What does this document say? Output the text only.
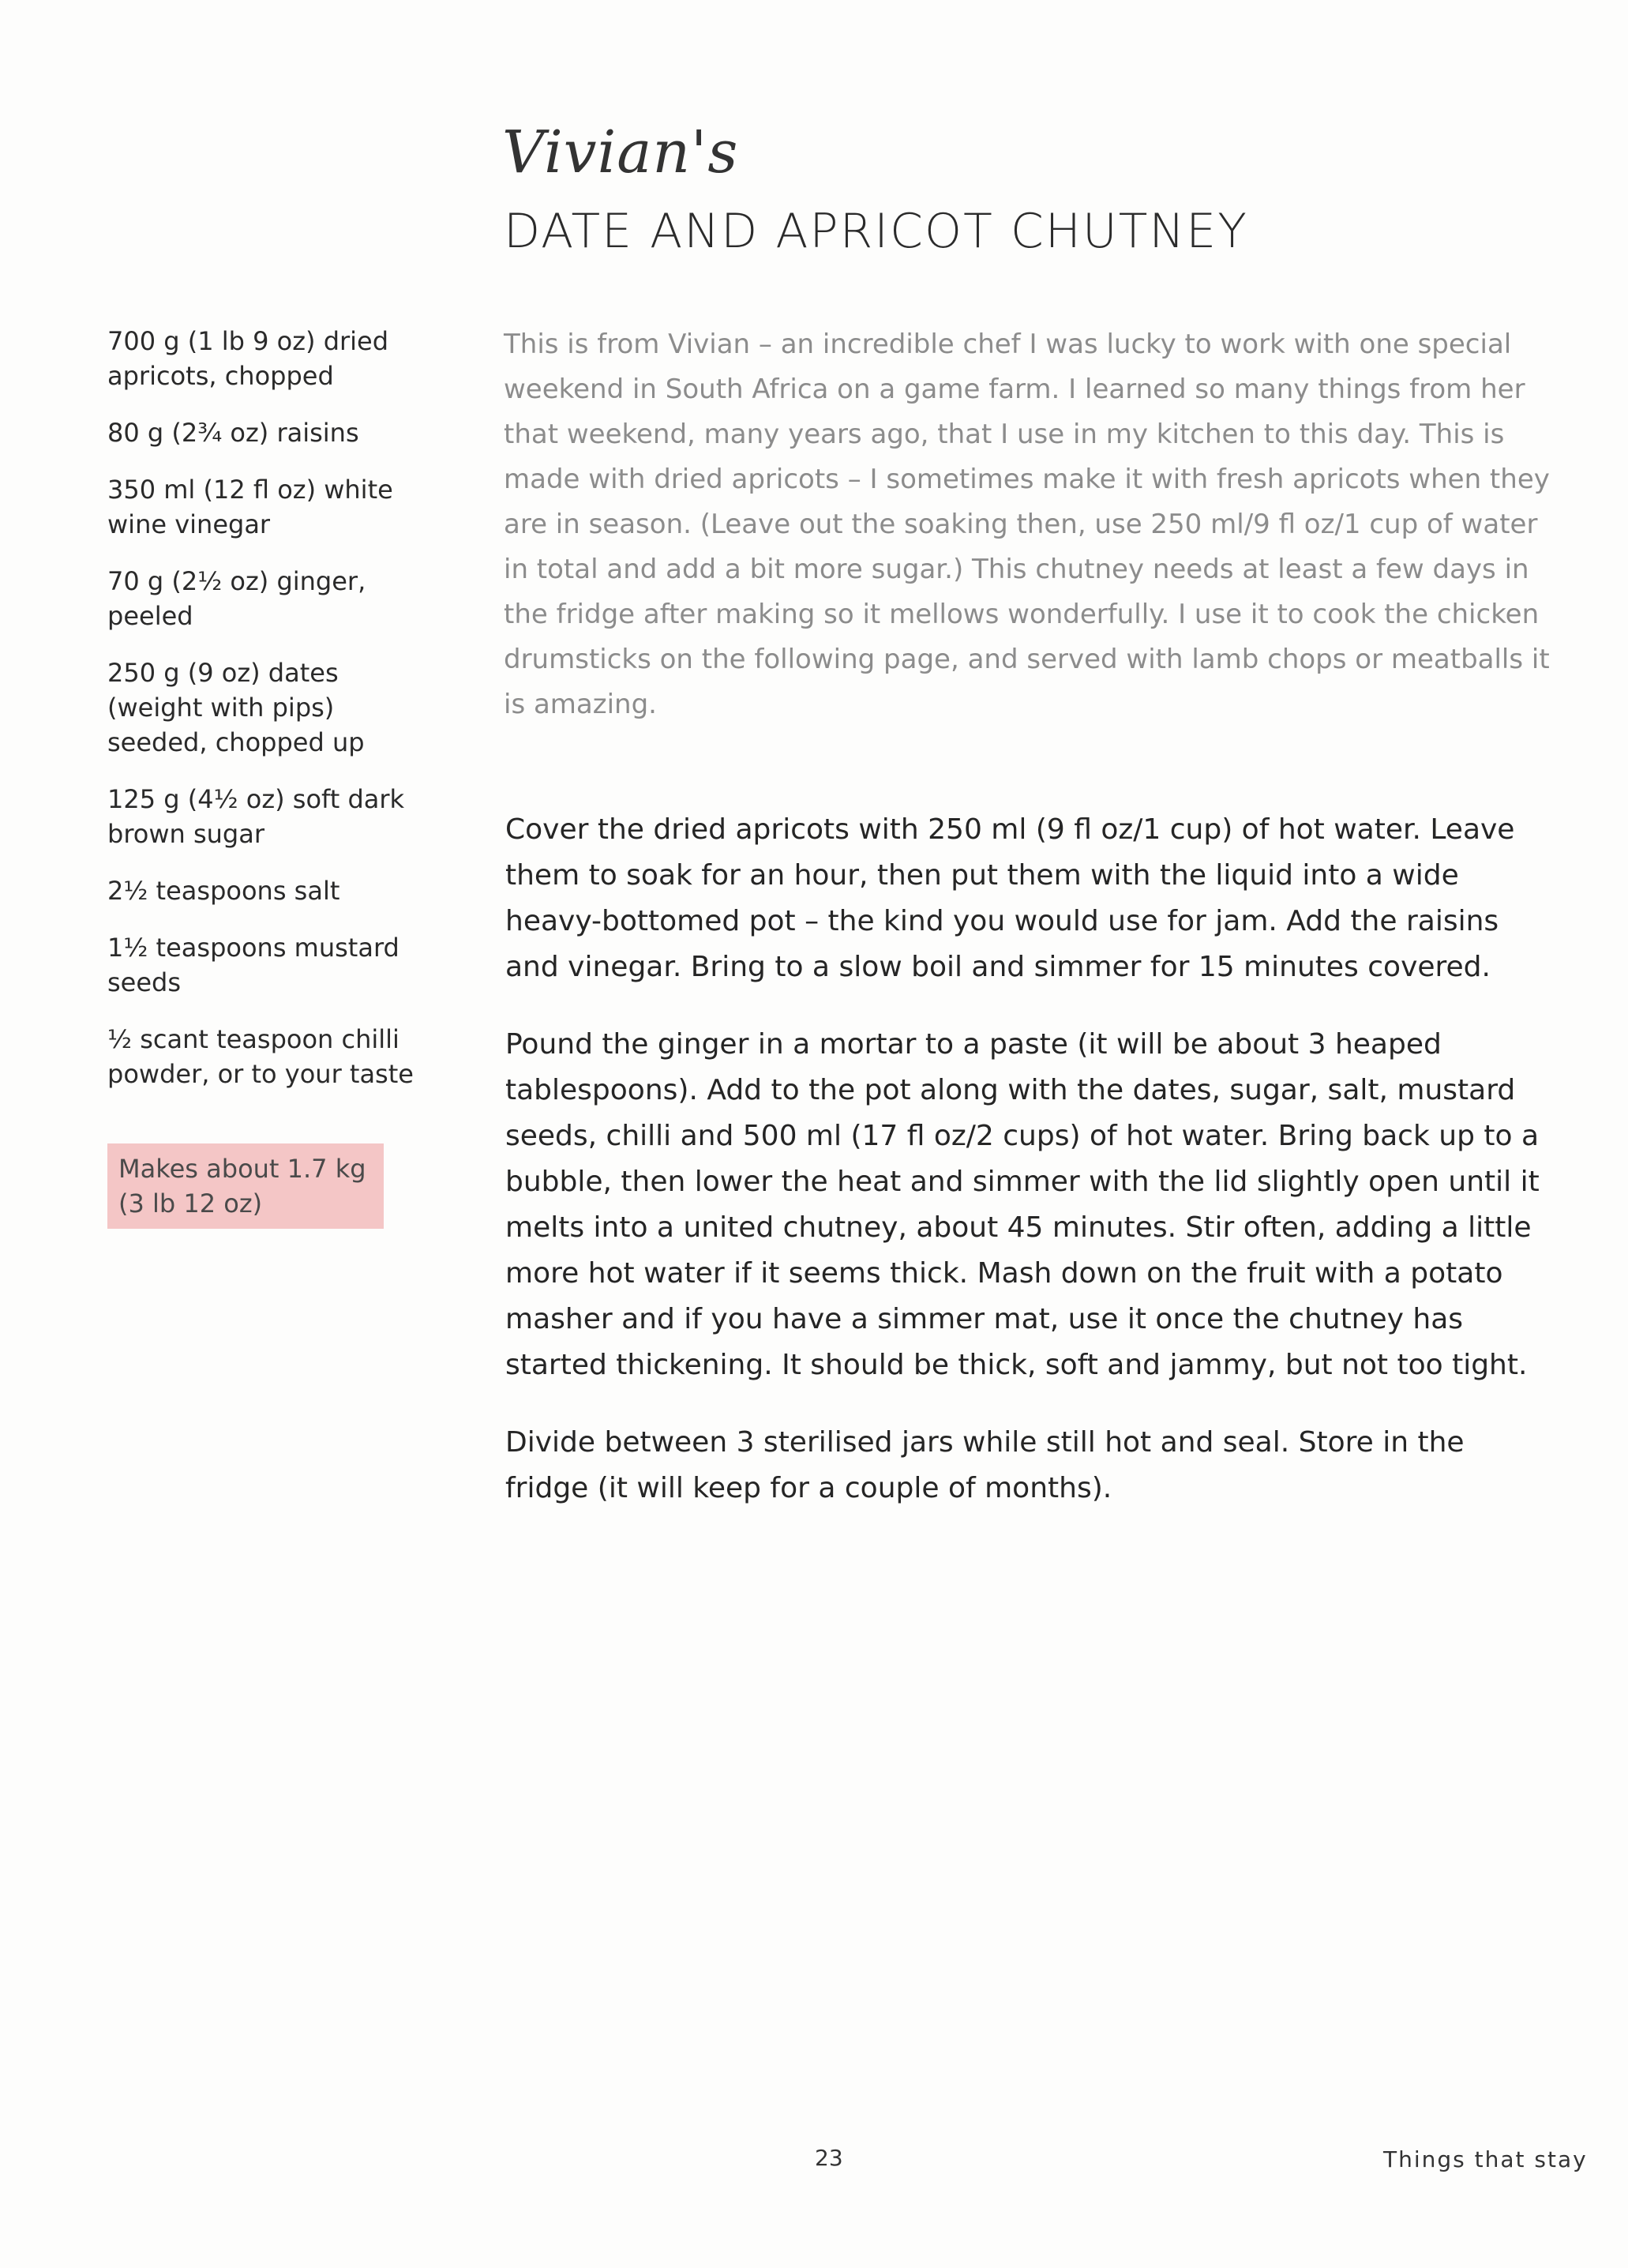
Vivian's
DATE AND APRICOT CHUTNEY
700 g (1 lb 9 oz) dried apricots, chopped
80 g (2¾ oz) raisins
350 ml (12 fl oz) white wine vinegar
70 g (2½ oz) ginger, peeled
250 g (9 oz) dates (weight with pips) seeded, chopped up
125 g (4½ oz) soft dark brown sugar
2½ teaspoons salt
1½ teaspoons mustard seeds
½ scant teaspoon chilli powder, or to your taste
Makes about 1.7 kg (3 lb 12 oz)

This is from Vivian – an incredible chef I was lucky to work with one special weekend in South Africa on a game farm. I learned so many things from her that weekend, many years ago, that I use in my kitchen to this day. This is made with dried apricots – I sometimes make it with fresh apricots when they are in season. (Leave out the soaking then, use 250 ml/9 fl oz/1 cup of water in total and add a bit more sugar.) This chutney needs at least a few days in the fridge after making so it mellows wonderfully. I use it to cook the chicken drumsticks on the following page, and served with lamb chops or meatballs it is amazing.

Cover the dried apricots with 250 ml (9 fl oz/1 cup) of hot water. Leave them to soak for an hour, then put them with the liquid into a wide heavy-bottomed pot – the kind you would use for jam. Add the raisins and vinegar. Bring to a slow boil and simmer for 15 minutes covered.

Pound the ginger in a mortar to a paste (it will be about 3 heaped tablespoons). Add to the pot along with the dates, sugar, salt, mustard seeds, chilli and 500 ml (17 fl oz/2 cups) of hot water. Bring back up to a bubble, then lower the heat and simmer with the lid slightly open until it melts into a united chutney, about 45 minutes. Stir often, adding a little more hot water if it seems thick. Mash down on the fruit with a potato masher and if you have a simmer mat, use it once the chutney has started thickening. It should be thick, soft and jammy, but not too tight.

Divide between 3 sterilised jars while still hot and seal. Store in the fridge (it will keep for a couple of months).

23	Things that stay
